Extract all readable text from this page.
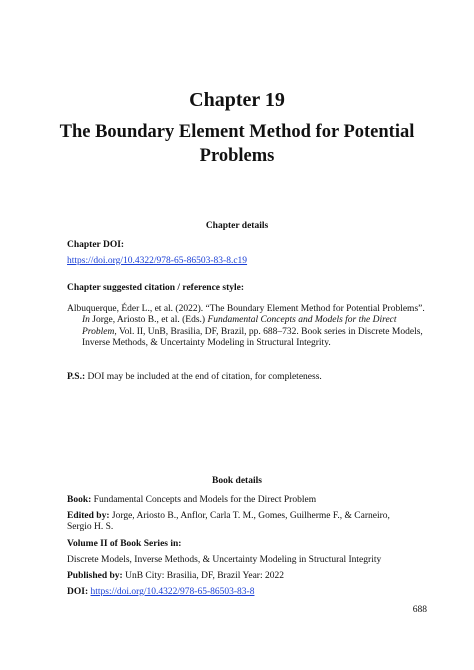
Chapter 19
The Boundary Element Method for Potential Problems
Chapter details
Chapter DOI:
https://doi.org/10.4322/978-65-86503-83-8.c19
Chapter suggested citation / reference style:
Albuquerque, Éder L., et al. (2022). “The Boundary Element Method for Potential Problems”. In Jorge, Ariosto B., et al. (Eds.) Fundamental Concepts and Models for the Direct Problem, Vol. II, UnB, Brasilia, DF, Brazil, pp. 688–732. Book series in Discrete Models, Inverse Methods, & Uncertainty Modeling in Structural Integrity.
P.S.: DOI may be included at the end of citation, for completeness.
Book details
Book: Fundamental Concepts and Models for the Direct Problem
Edited by: Jorge, Ariosto B., Anflor, Carla T. M., Gomes, Guilherme F., & Carneiro, Sergio H. S.
Volume II of Book Series in:
Discrete Models, Inverse Methods, & Uncertainty Modeling in Structural Integrity
Published by: UnB City: Brasilia, DF, Brazil Year: 2022
DOI: https://doi.org/10.4322/978-65-86503-83-8
688
